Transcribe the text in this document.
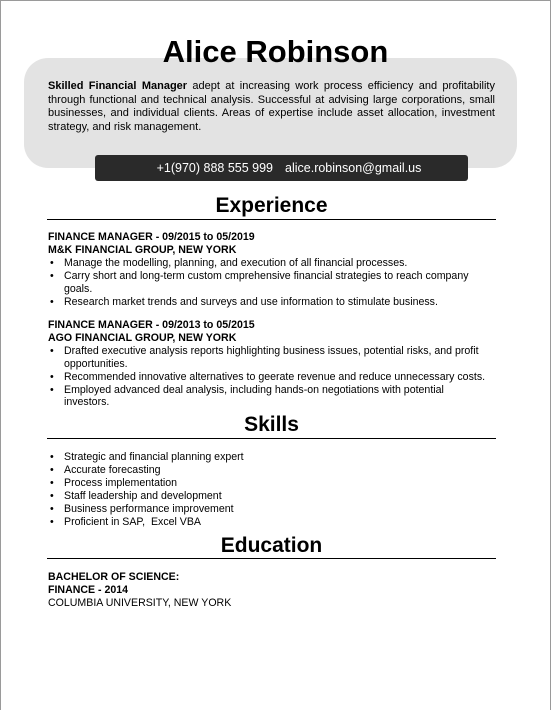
Alice Robinson
Skilled Financial Manager adept at increasing work process efficiency and profitability through functional and technical analysis. Successful at advising large corporations, small businesses, and individual clients. Areas of expertise include asset allocation, investment strategy, and risk management.
+1(970) 888 555 999 alice.robinson@gmail.us
Experience
FINANCE MANAGER - 09/2015 to 05/2019
M&K FINANCIAL GROUP, NEW YORK
• Manage the modelling, planning, and execution of all financial processes.
• Carry short and long-term custom cmprehensive financial strategies to reach company goals.
• Research market trends and surveys and use information to stimulate business.
FINANCE MANAGER - 09/2013 to 05/2015
AGO FINANCIAL GROUP, NEW YORK
• Drafted executive analysis reports highlighting business issues, potential risks, and profit opportunities.
• Recommended innovative alternatives to geerate revenue and reduce unnecessary costs.
• Employed advanced deal analysis, including hands-on negotiations with potential investors.
Skills
• Strategic and financial planning expert
• Accurate forecasting
• Process implementation
• Staff leadership and development
• Business performance improvement
• Proficient in SAP,  Excel VBA
Education
BACHELOR OF SCIENCE:
FINANCE - 2014
COLUMBIA UNIVERSITY, NEW YORK
